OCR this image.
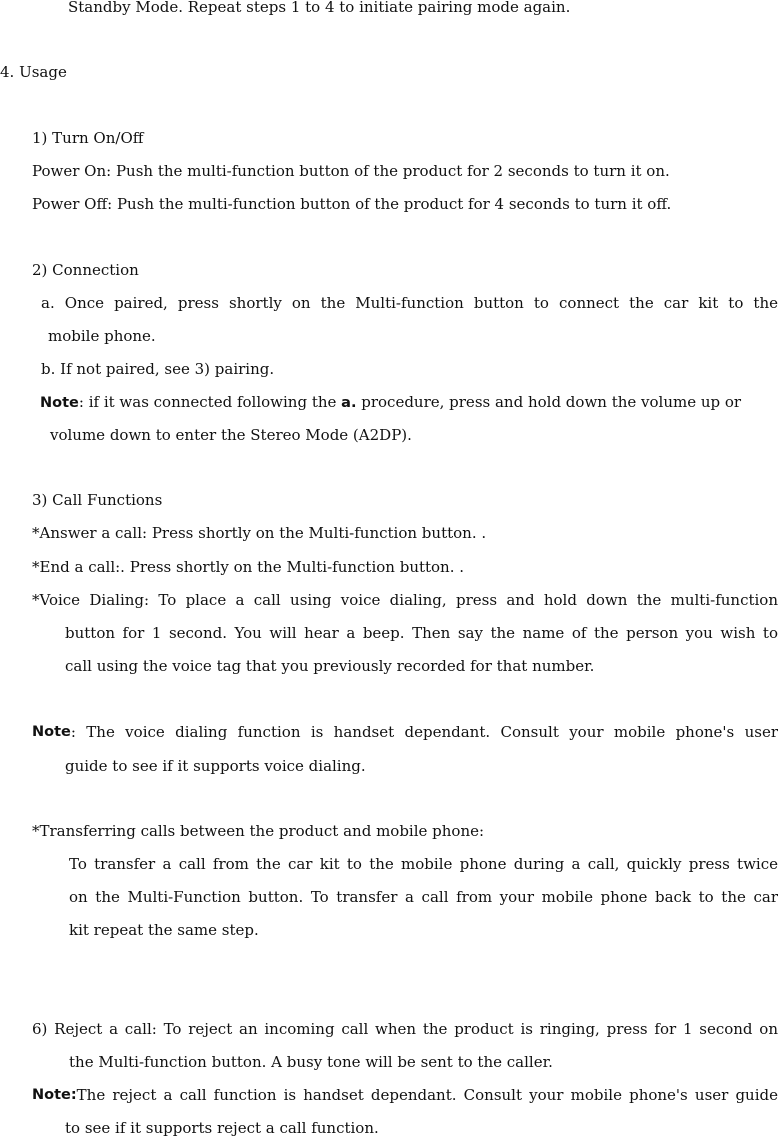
Standby Mode. Repeat steps 1 to 4 to initiate pairing mode again.
4. Usage
1) Turn On/Off
Power On: Push the multi-function button of the product for 2 seconds to turn it on.
Power Off: Push the multi-function button of the product for 4 seconds to turn it off.
2) Connection
a. Once paired, press shortly on the Multi-function button to connect the car kit to the
mobile phone.
b. If not paired, see 3) pairing.
Note: if it was connected following the a. procedure, press and hold down the volume up or
volume down to enter the Stereo Mode (A2DP).
3) Call Functions
*Answer a call: Press shortly on the Multi-function button. .
*End a call:. Press shortly on the Multi-function button. .
*Voice Dialing: To place a call using voice dialing, press and hold down the multi-function
button for 1 second. You will hear a beep. Then say the name of the person you wish to
call using the voice tag that you previously recorded for that number.
Note : The voice dialing function is handset dependant. Consult your mobile phone's user
guide to see if it supports voice dialing.
*Transferring calls between the product and mobile phone:
To transfer a call from the car kit to the mobile phone during a call, quickly press twice
on the Multi-Function button. To transfer a call from your mobile phone back to the car
kit repeat the same step.
6) Reject a call: To reject an incoming call when the product is ringing, press for 1 second on
the Multi-function button. A busy tone will be sent to the caller.
Note: The reject a call function is handset dependant. Consult your mobile phone's user guide
to see if it supports reject a call function.
